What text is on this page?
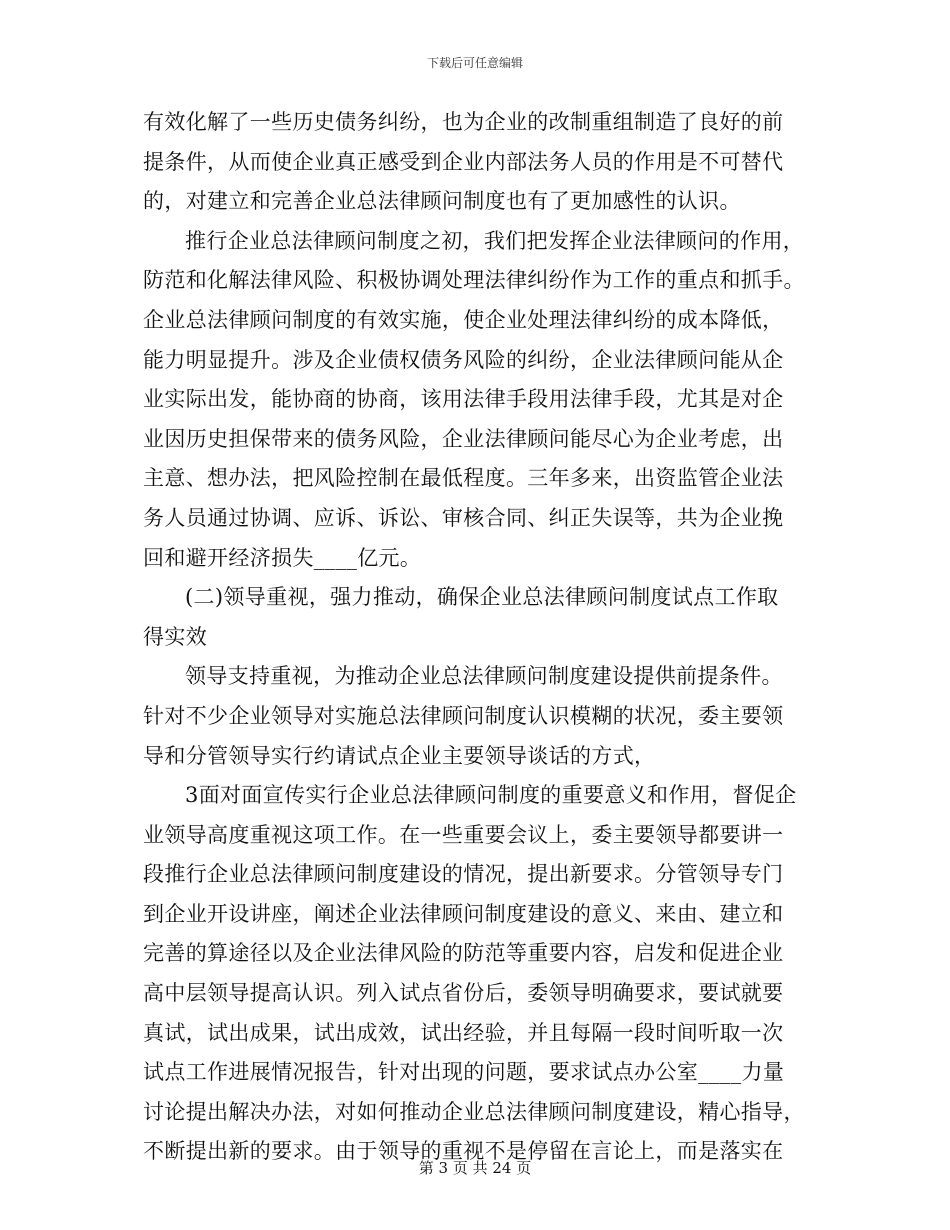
下载后可任意编辑
有效化解了一些历史债务纠纷，也为企业的改制重组制造了良好的前
提条件，从而使企业真正感受到企业内部法务人员的作用是不可替代
的，对建立和完善企业总法律顾问制度也有了更加感性的认识。
推行企业总法律顾问制度之初，我们把发挥企业法律顾问的作用，
防范和化解法律风险、积极协调处理法律纠纷作为工作的重点和抓手。
企业总法律顾问制度的有效实施，使企业处理法律纠纷的成本降低，
能力明显提升。涉及企业债权债务风险的纠纷，企业法律顾问能从企
业实际出发，能协商的协商，该用法律手段用法律手段，尤其是对企
业因历史担保带来的债务风险，企业法律顾问能尽心为企业考虑，出
主意、想办法，把风险控制在最低程度。三年多来，出资监管企业法
务人员通过协调、应诉、诉讼、审核合同、纠正失误等，共为企业挽
回和避开经济损失____亿元。
(二)领导重视，强力推动，确保企业总法律顾问制度试点工作取
得实效
领导支持重视，为推动企业总法律顾问制度建设提供前提条件。
针对不少企业领导对实施总法律顾问制度认识模糊的状况，委主要领
导和分管领导实行约请试点企业主要领导谈话的方式，
3面对面宣传实行企业总法律顾问制度的重要意义和作用，督促企
业领导高度重视这项工作。在一些重要会议上，委主要领导都要讲一
段推行企业总法律顾问制度建设的情况，提出新要求。分管领导专门
到企业开设讲座，阐述企业法律顾问制度建设的意义、来由、建立和
完善的算途径以及企业法律风险的防范等重要内容，启发和促进企业
高中层领导提高认识。列入试点省份后，委领导明确要求，要试就要
真试，试出成果，试出成效，试出经验，并且每隔一段时间听取一次
试点工作进展情况报告，针对出现的问题，要求试点办公室____力量
讨论提出解决办法，对如何推动企业总法律顾问制度建设，精心指导，
不断提出新的要求。由于领导的重视不是停留在言论上，而是落实在
第 3 页 共 24 页
